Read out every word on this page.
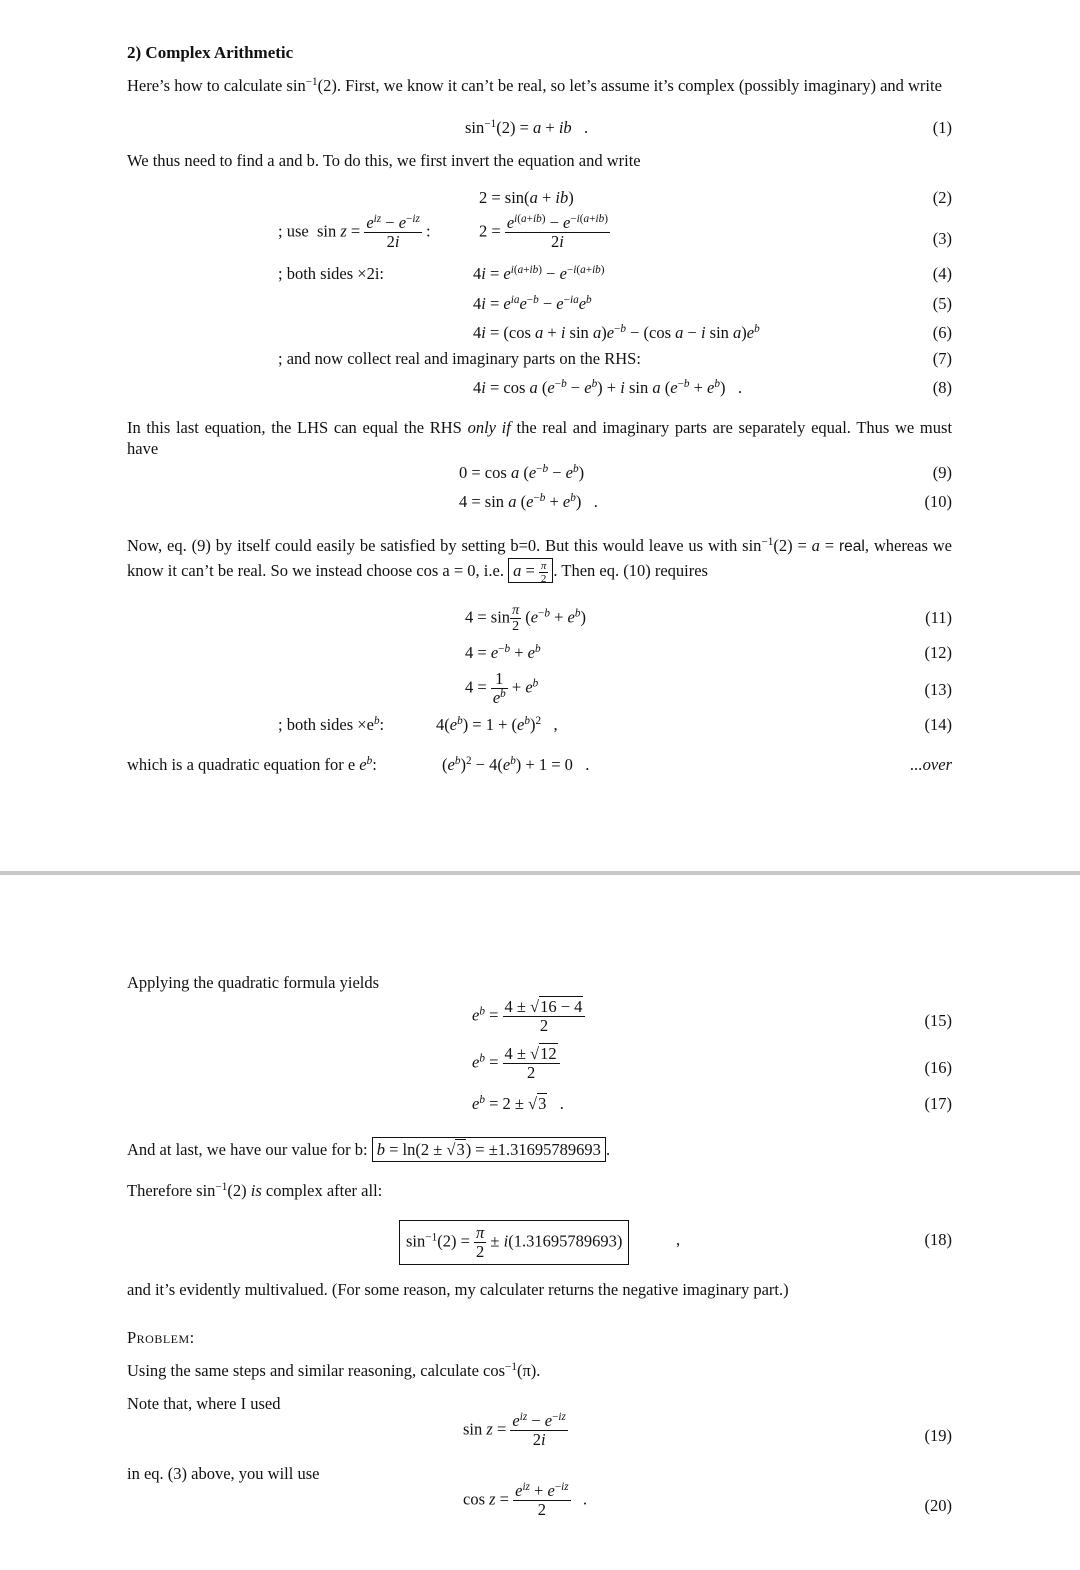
2) Complex Arithmetic
Here’s how to calculate $\sin^{-1}(2)$. First, we know it can’t be real, so let’s assume it’s complex (possibly imaginary) and write
$\sin^{-1}(2) = a$ + ib   .	(1)
We thus need to find a and b. To do this, we first invert the equation and write
2 = sin(a + ib)	(2)
; use  $\sin z = \frac{e^{iz} - e^{-iz}}{2i}$ :	$2 = \frac{e^{i(a+ib)} - e^{-i(a+ib)}}{2i}$	(3)
; both sides ×2i:	$4i = e^{i(a+ib)} - e^{-i(a+ib)}$	(4)
$4i = e^{ia}e^{-b} - e^{-ia}e^b$	(5)
4i = (cos a + i $\sin a)e^{-b} - (\cos$ a − i $\sin a)e^b$	(6)
; and now collect real and imaginary parts on the RHS:	(7)
4i = cos a $(e^{-b} - e^b) + i$ sin a $(e^{-b} + e^b)$   .	(8)
In this last equation, the LHS can equal the RHS only if the real and imaginary parts are separately equal. Thus we must have
0 = cos a $(e^{-b} - e^b)$	(9)
4 = sin a $(e^{-b} + e^b)$   .	(10)
Now, eq. (9) by itself could easily be satisfied by setting b=0. But this would leave us with $\sin^{-1}(2) = a$ = real, whereas we know it can’t be real. So we instead choose cos a = 0, i.e. $a = \frac{\pi}{2}$ . Then eq. (10) requires
$4 = \sin \frac{\pi}{2} (e^{-b} + e^b)$	(11)
$4 = e^{-b} + e^b$	(12)
$4 = \frac{1}{e^b} + e^b$	(13)
; both sides $\times e^b$:	$4(e^b) = 1 + (e^b)^2$   ,	(14)
which is a quadratic equation for e $e^b$:	$(e^b)^2 - 4(e^b) + 1 = 0$   .	...over
Applying the quadratic formula yields
$e^b = \frac{4 \pm √16 - 4}{2}$	(15)
$e^b = \frac{4 \pm √12}{2}$	(16)
$e^b = 2 \pm √3$   .	(17)
And at last, we have our value for b: b = ln(2 ± √3) = ±1.31695789693 .
Therefore $\sin^{-1}(2)$ is complex after all:
$\sin^{-1}(2) = \frac{\pi}{2} \pm i(1.31695789693)$	,	(18)
and it’s evidently multivalued. (For some reason, my calculater returns the negative imaginary part.)
Problem:
Using the same steps and similar reasoning, calculate $\cos^{-1}(\pi)$.
Note that, where I used
$\sin z = \frac{e^{iz} - e^{-iz}}{2i}$	(19)
in eq. (3) above, you will use
$\cos z = \frac{e^{iz} + e^{-iz}}{2}$ .	(20)
